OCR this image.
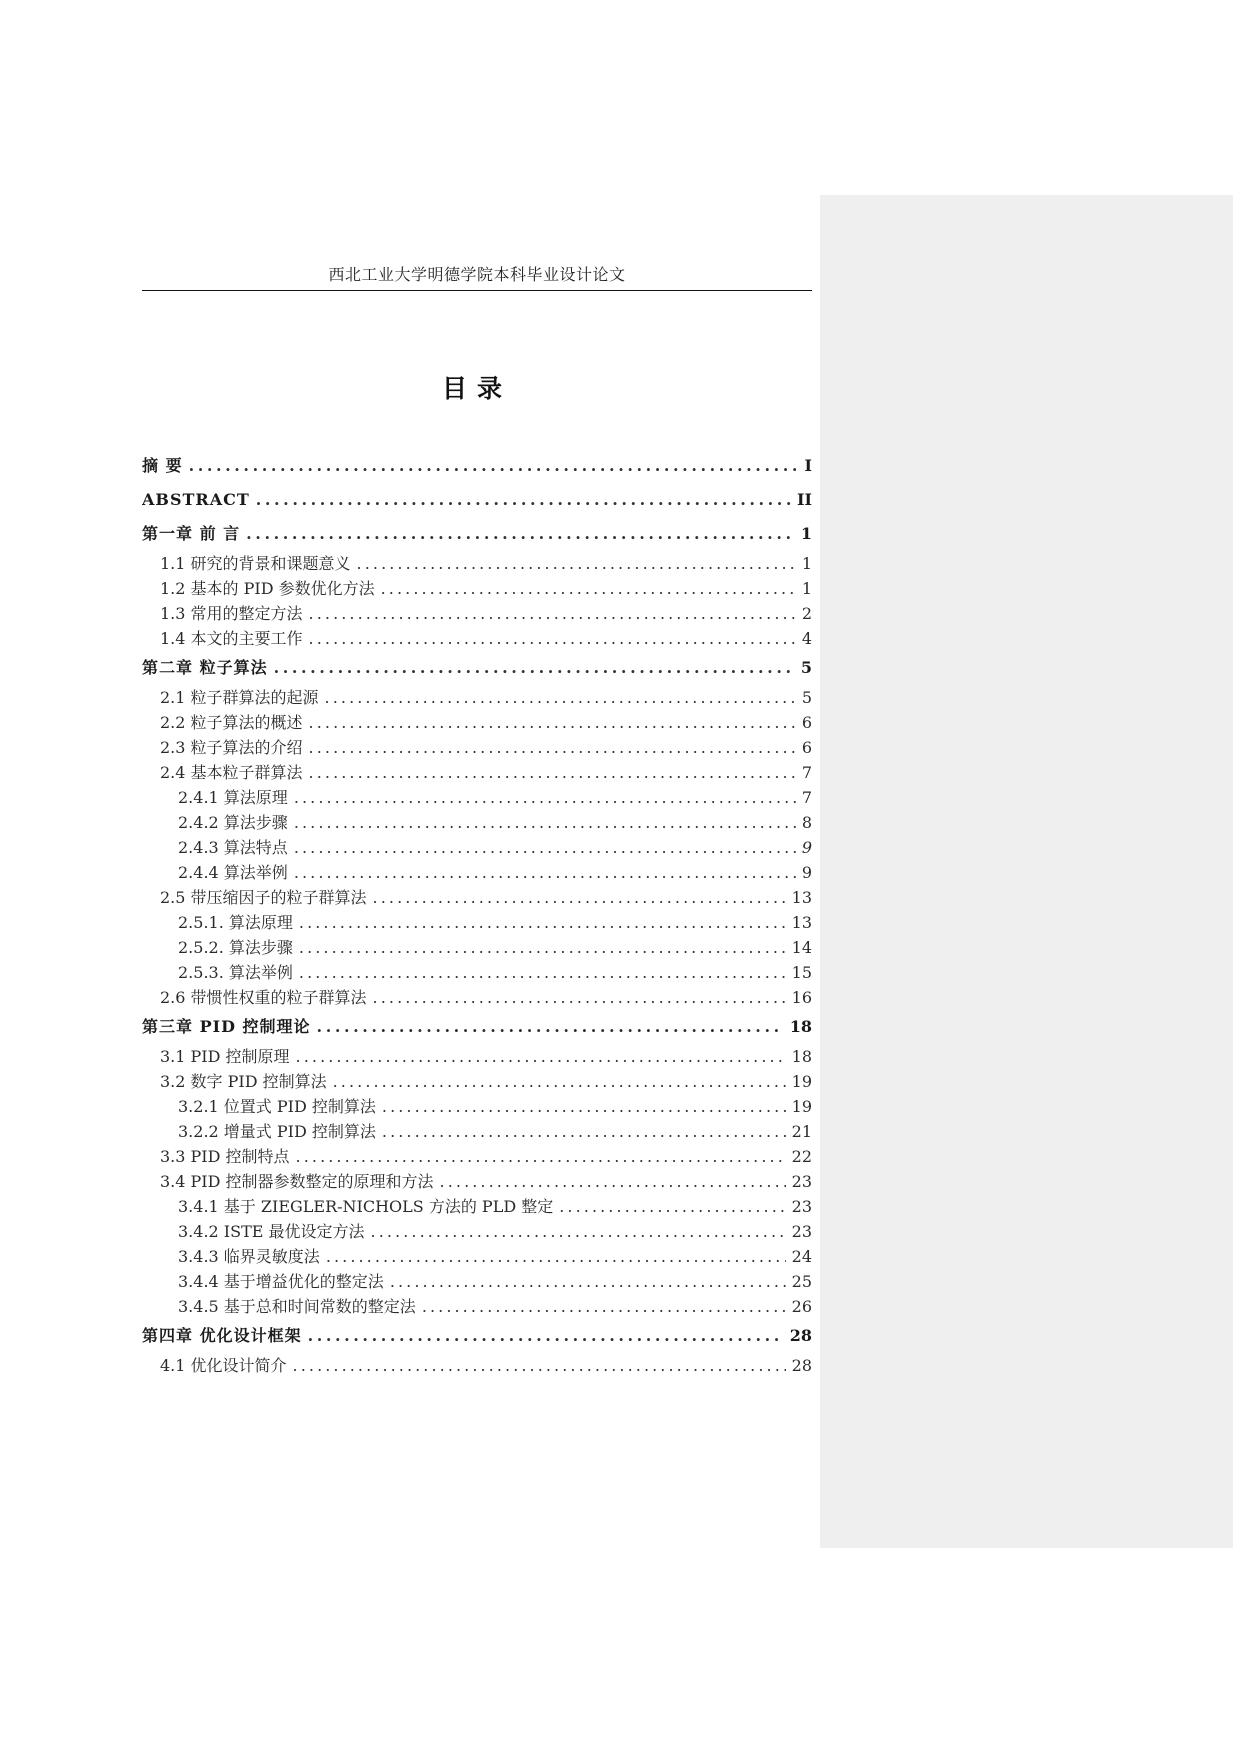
西北工业大学明德学院本科毕业设计论文
目录
摘 要 . . .	I
ABSTRACT . . .	II
第一章 前 言 . . .	1
1.1 研究的背景和课题意义 . . .	1
1.2 基本的 PID 参数优化方法 . . .	1
1.3 常用的整定方法 . . .	2
1.4 本文的主要工作 . . .	4
第二章 粒子算法 . . .	5
2.1 粒子群算法的起源 . . .	5
2.2 粒子算法的概述 . . .	6
2.3 粒子算法的介绍 . . .	6
2.4 基本粒子群算法 . . .	7
2.4.1 算法原理 . . .	7
2.4.2 算法步骤 . . .	8
2.4.3 算法特点 . . .	9
2.4.4 算法举例 . . .	9
2.5 带压缩因子的粒子群算法 . . .	13
2.5.1. 算法原理 . . .	13
2.5.2. 算法步骤 . . .	14
2.5.3. 算法举例 . . .	15
2.6 带惯性权重的粒子群算法 . . .	16
第三章 PID 控制理论 . . .	18
3.1 PID 控制原理 . . .	18
3.2 数字 PID 控制算法 . . .	19
3.2.1 位置式 PID 控制算法 . . .	19
3.2.2 增量式 PID 控制算法 . . .	21
3.3 PID 控制特点 . . .	22
3.4 PID 控制器参数整定的原理和方法 . . .	23
3.4.1 基于 ZIEGLER-NICHOLS 方法的 PLD 整定 . . .	23
3.4.2 ISTE 最优设定方法 . . .	23
3.4.3 临界灵敏度法 . . .	24
3.4.4 基于增益优化的整定法 . . .	25
3.4.5 基于总和时间常数的整定法 . . .	26
第四章 优化设计框架 . . .	28
4.1 优化设计简介 . . .	28
